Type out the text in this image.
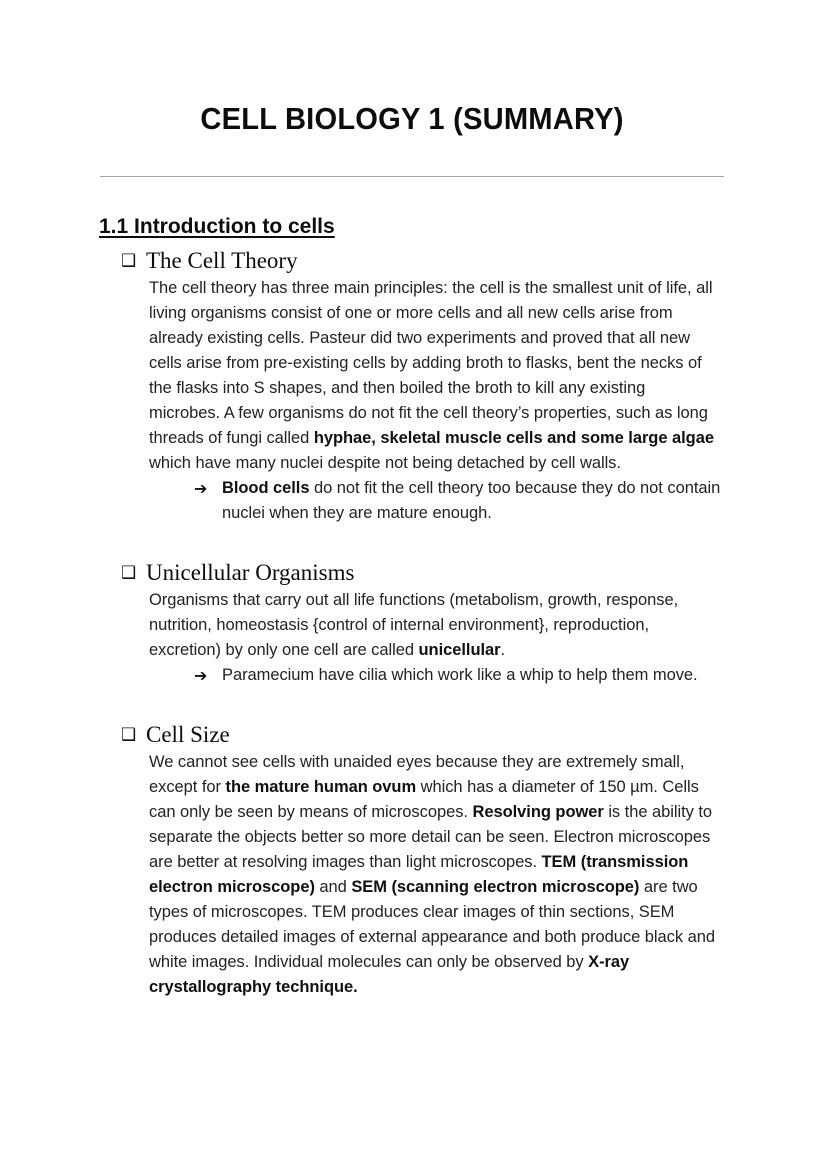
CELL BIOLOGY 1 (SUMMARY)
1.1 Introduction to cells
❑ The Cell Theory
The cell theory has three main principles: the cell is the smallest unit of life, all living organisms consist of one or more cells and all new cells arise from already existing cells. Pasteur did two experiments and proved that all new cells arise from pre-existing cells by adding broth to flasks, bent the necks of the flasks into S shapes, and then boiled the broth to kill any existing microbes. A few organisms do not fit the cell theory’s properties, such as long threads of fungi called hyphae, skeletal muscle cells and some large algae which have many nuclei despite not being detached by cell walls.
➔ Blood cells do not fit the cell theory too because they do not contain nuclei when they are mature enough.
❑ Unicellular Organisms
Organisms that carry out all life functions (metabolism, growth, response, nutrition, homeostasis {control of internal environment}, reproduction, excretion) by only one cell are called unicellular.
➔ Paramecium have cilia which work like a whip to help them move.
❑ Cell Size
We cannot see cells with unaided eyes because they are extremely small, except for the mature human ovum which has a diameter of 150 µm. Cells can only be seen by means of microscopes. Resolving power is the ability to separate the objects better so more detail can be seen. Electron microscopes are better at resolving images than light microscopes. TEM (transmission electron microscope) and SEM (scanning electron microscope) are two types of microscopes. TEM produces clear images of thin sections, SEM produces detailed images of external appearance and both produce black and white images. Individual molecules can only be observed by X-ray crystallography technique.
